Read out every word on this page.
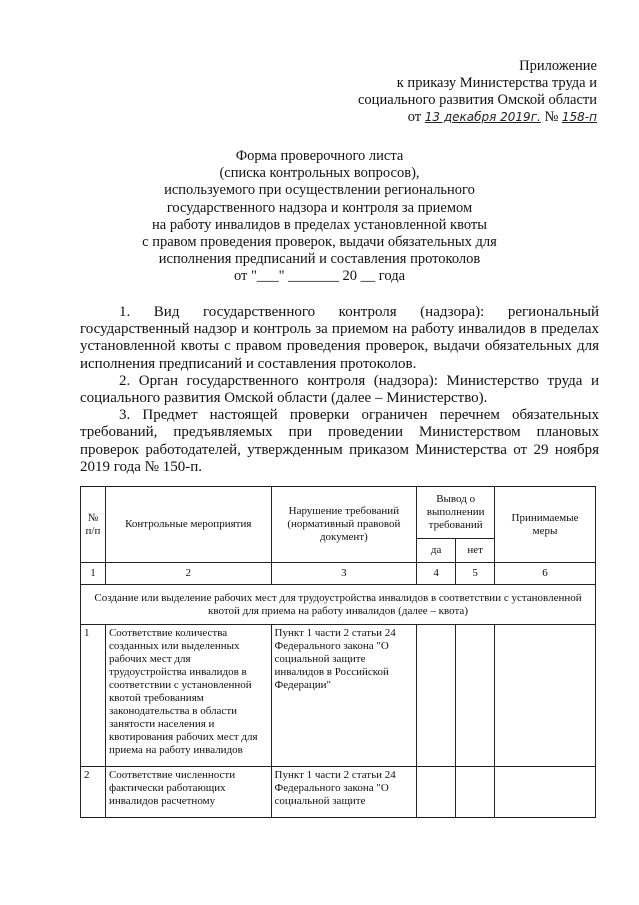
Приложение
к приказу Министерства труда и
социального развития Омской области
от 13 декабря 2019г. № 158-п
Форма проверочного листа
(списка контрольных вопросов),
используемого при осуществлении регионального
государственного надзора и контроля за приемом
на работу инвалидов в пределах установленной квоты
с правом проведения проверок, выдачи обязательных для
исполнения предписаний и составления протоколов
от "___" _______ 20 __ года

1. Вид государственного контроля (надзора): региональный государственный надзор и контроль за приемом на работу инвалидов в пределах установленной квоты с правом проведения проверок, выдачи обязательных для исполнения предписаний и составления протоколов.

2. Орган государственного контроля (надзора): Министерство труда и социального развития Омской области (далее – Министерство).

3. Предмет настоящей проверки ограничен перечнем обязательных требований, предъявляемых при проведении Министерством плановых проверок работодателей, утвержденным приказом Министерства от 29 ноября 2019 года № 150-п.

№ п/п	Контрольные мероприятия	Нарушение требований (нормативный правовой документ)	Вывод о выполнении требований		Принимаемые меры
			да	нет	
1	2	3	4	5	6
Создание или выделение рабочих мест для трудоустройства инвалидов в соответствии с установленной квотой для приема на работу инвалидов (далее – квота)					
1	Соответствие количества созданных или выделенных рабочих мест для трудоустройства инвалидов в соответствии с установленной квотой требованиям законодательства в области занятости населения и квотирования рабочих мест для приема на работу инвалидов	Пункт 1 части 2 статьи 24 Федерального закона "О социальной защите инвалидов в Российской Федерации"			
2	Соответствие численности фактически работающих инвалидов расчетному	Пункт 1 части 2 статьи 24 Федерального закона "О социальной защите			
